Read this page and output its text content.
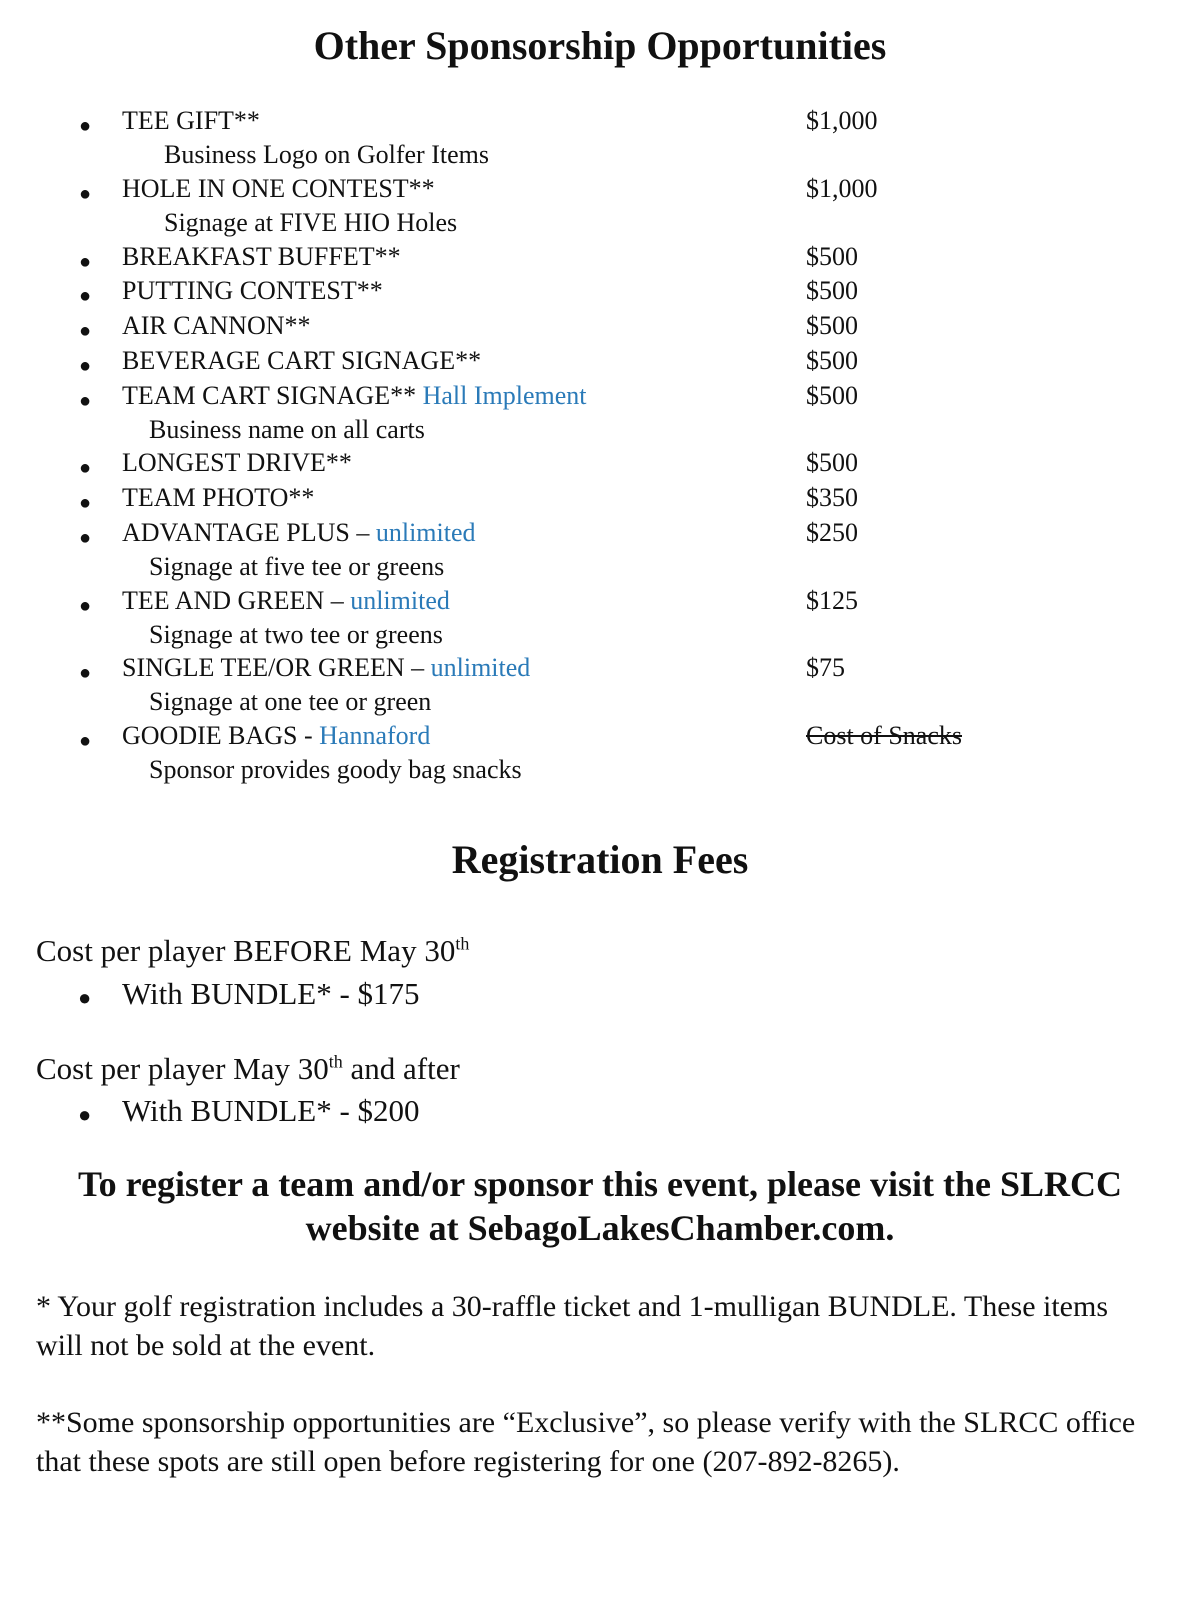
Other Sponsorship Opportunities
● TEE GIFT**	$1,000
Business Logo on Golfer Items
● HOLE IN ONE CONTEST**	$1,000
Signage at FIVE HIO Holes
● BREAKFAST BUFFET**	$500
● PUTTING CONTEST**	$500
● AIR CANNON**	$500
● BEVERAGE CART SIGNAGE**	$500
● TEAM CART SIGNAGE** Hall Implement	$500
Business name on all carts
● LONGEST DRIVE**	$500
● TEAM PHOTO**	$350
● ADVANTAGE PLUS – unlimited	$250
Signage at five tee or greens
● TEE AND GREEN – unlimited	$125
Signage at two tee or greens
● SINGLE TEE/OR GREEN – unlimited	$75
Signage at one tee or green
● GOODIE BAGS - Hannaford	Cost of Snacks
Sponsor provides goody bag snacks
Registration Fees
Cost per player BEFORE May 30th
● With BUNDLE* - $175
Cost per player May 30th and after
● With BUNDLE* - $200

To register a team and/or sponsor this event, please visit the SLRCC

website at SebagoLakesChamber.com.

* Your golf registration includes a 30-raffle ticket and 1-mulligan BUNDLE. These items will not be sold at the event.

**Some sponsorship opportunities are “Exclusive”, so please verify with the SLRCC office that these spots are still open before registering for one (207-892-8265).
